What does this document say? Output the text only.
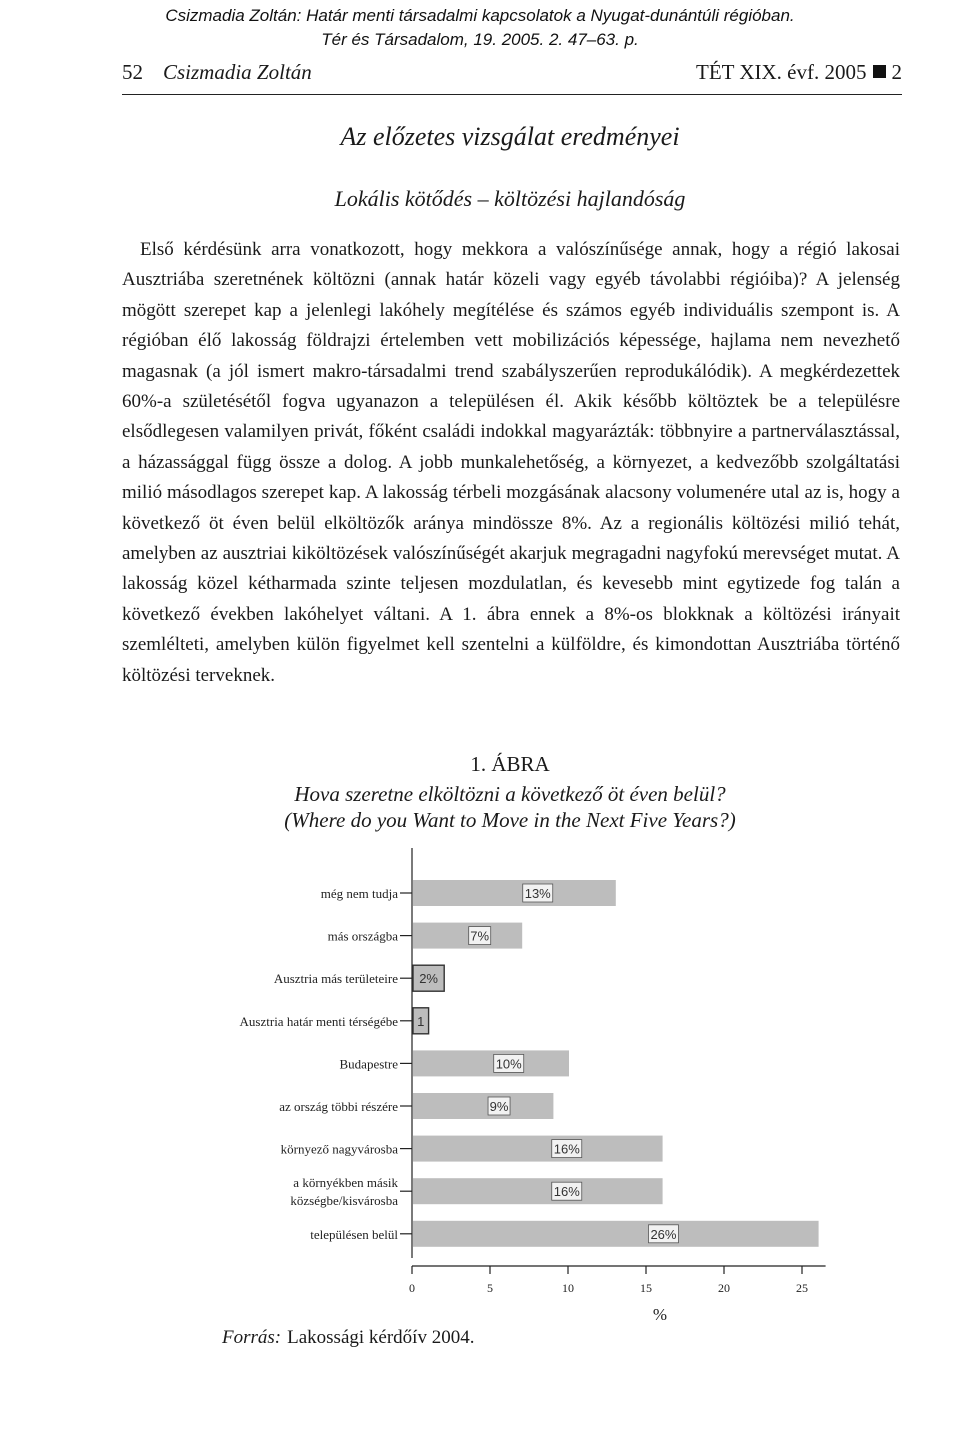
Csizmadia Zoltán: Határ menti társadalmi kapcsolatok a Nyugat-dunántúli régióban.
Tér és Társadalom, 19. 2005. 2. 47–63. p.
52 Csizmadia Zoltán	TÉT XIX. évf. 2005 2
Az előzetes vizsgálat eredményei
Lokális kötődés – költözési hajlandóság

Első kérdésünk arra vonatkozott, hogy mekkora a valószínűsége annak, hogy a régió lakosai Ausztriába szeretnének költözni (annak határ közeli vagy egyéb távolabbi régióiba)? A jelenség mögött szerepet kap a jelenlegi lakóhely megítélése és számos egyéb individuális szempont is. A régióban élő lakosság földrajzi értelemben vett mobilizációs képessége, hajlama nem nevezhető magasnak (a jól ismert makro-társadalmi trend szabályszerűen reprodukálódik). A megkérdezettek 60%-a születésétől fogva ugyanazon a településen él. Akik később költöztek be a településre elsődlegesen valamilyen privát, főként családi indokkal magyarázták: többnyire a partnerválasztással, a házassággal függ össze a dolog. A jobb munkalehetőség, a környezet, a kedvezőbb szolgáltatási milió másodlagos szerepet kap. A lakosság térbeli mozgásának alacsony volumenére utal az is, hogy a következő öt éven belül elköltözők aránya mindössze 8%. Az a regionális költözési milió tehát, amelyben az ausztriai kiköltözések valószínűségét akarjuk megragadni nagyfokú merevséget mutat. A lakosság közel kétharmada szinte teljesen mozdulatlan, és kevesebb mint egytizede fog talán a következő években lakóhelyet váltani. A 1. ábra ennek a 8%-os blokknak a költözési irányait szemlélteti, amelyben külön figyelmet kell szentelni a külföldre, és kimondottan Ausztriába történő költözési terveknek.

1. ÁBRA
Hova szeretne elköltözni a következő öt éven belül?
(Where do you Want to Move in the Next Five Years?)
még nem tudja	13%
más országba	7%
Ausztria más területeire 2%
Ausztria határ menti térségébe 1
Budapestre	10%
az ország többi részére	9%
környező nagyvárosba	16%
a környékben másik
községbe/kisvárosba
16%
településen belül	26%
0	5	10	15	20	25
%
Forrás: Lakossági kérdőív 2004.
